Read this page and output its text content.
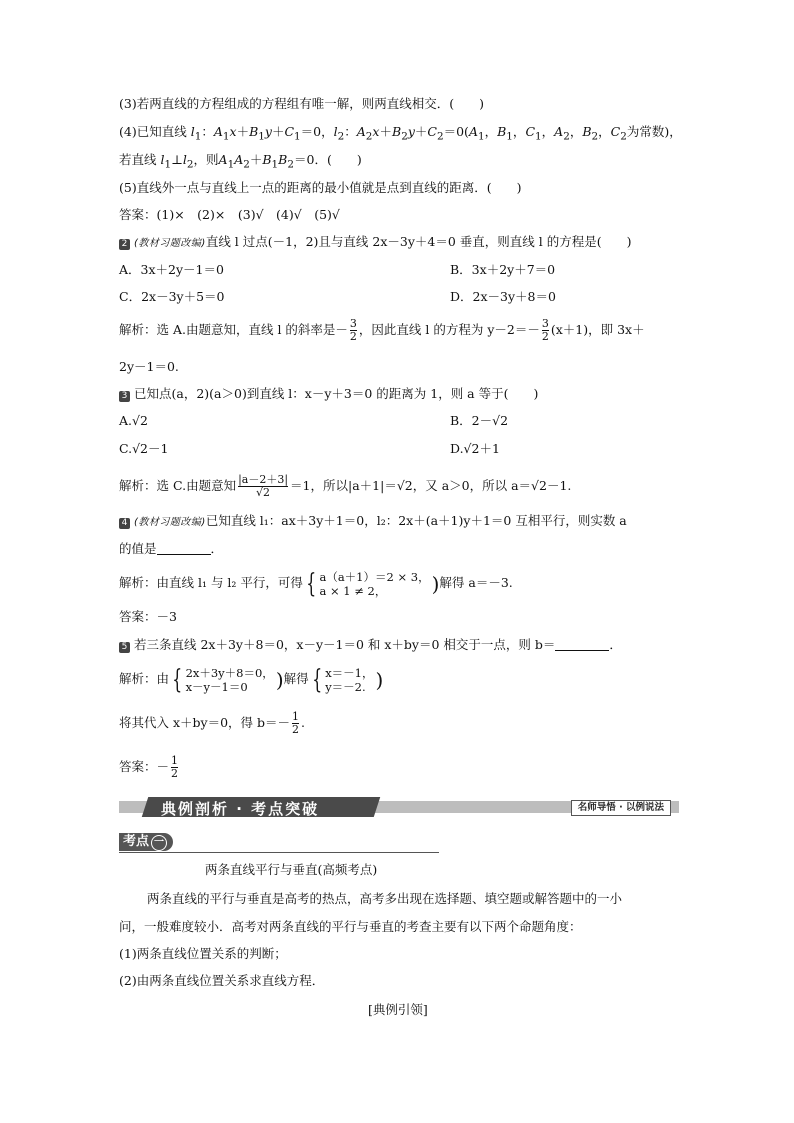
(3)若两直线的方程组成的方程组有唯一解，则两直线相交．(　　)
(4)已知直线 $l_1$：$A_1x+B_1y+C_1=0$，$l_2$：$A_2x+B_2y+C_2=0(A_1$，$B_1$，$C_1$，$A_2$，$B_2$，$C_2$为常数)，
若直线 $l_1\perp l_2$，则$A_1A_2+B_1B_2=0$．(　　)
(5)直线外一点与直线上一点的距离的最小值就是点到直线的距离．(　　)
答案：(1)×　(2)×　(3)√　(4)√　(5)√
2 (教材习题改编)直线 l 过点(－1，2)且与直线 2x－3y＋4＝0 垂直，则直线 l 的方程是(　　)
A．3x＋2y－1＝0	B．3x＋2y＋7＝0
C．2x－3y＋5＝0	D．2x－3y＋8＝0
解析：选 A.由题意知，直线 l 的斜率是－ $\frac{3}{2}$ ，因此直线 l 的方程为 $y-2=- \frac{3}{2} (x+1)$，即 3x＋
2y－1＝0.
3 已知点(a，2)(a＞0)到直线 l：x－y＋3＝0 的距离为 1，则 a 等于(　　)
A.√2	B．2－√2
C.√2－1	D.√2＋1
解析：选 C.由题意知 $\frac{|a-2+3|}{√2} =1$，所以|a＋1|＝√2，又 a＞0，所以 a＝√2－1.
4 (教材习题改编)已知直线 l₁：ax＋3y＋1＝0，l₂：2x＋(a＋1)y＋1＝0 互相平行，则实数 a
的值是	．
解析：由直线 l₁ 与 l₂ 平行，可得 { a（a＋1）＝2 × 3，
a × 1 ≠ 2，	)解得 a＝－3.
答案：－3
5 若三条直线 2x＋3y＋8＝0，x－y－1＝0 和 x＋by＝0 相交于一点，则 b＝	．
解析：由 { 2x＋3y＋8＝0，
x－y－1＝0	)解得 { x＝－1，
y＝－2. )
将其代入 x＋by＝0，得 $b=- \frac{1}{2}$ .
答案：－ $\frac{1}{2}$
典例剖析 · 考点突破	名师导悟 · 以例说法
考点 一
两条直线平行与垂直(高频考点)
两条直线的平行与垂直是高考的热点，高考多出现在选择题、填空题或解答题中的一小
问，一般难度较小．高考对两条直线的平行与垂直的考查主要有以下两个命题角度：
(1)两条直线位置关系的判断；
(2)由两条直线位置关系求直线方程．
[典例引领]
